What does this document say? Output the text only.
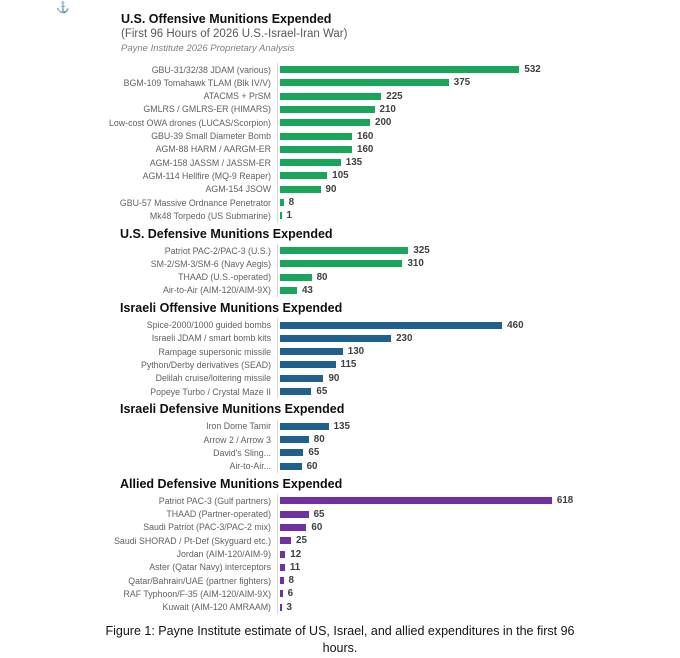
⚓
U.S. Offensive Munitions Expended
(First 96 Hours of 2026 U.S.-Israel-Iran War)
Payne Institute 2026 Proprietary Analysis
GBU-31/32/38 JDAM (various)	532
BGM-109 Tomahawk TLAM (Blk IV/V)	375
ATACMS + PrSM	225
GMLRS / GMLRS-ER (HIMARS)	210
Low-cost OWA drones (LUCAS/Scorpion)	200
GBU-39 Small Diameter Bomb	160
AGM-88 HARM / AARGM-ER	160
AGM-158 JASSM / JASSM-ER	135
AGM-114 Hellfire (MQ-9 Reaper)	105
AGM-154 JSOW	90
GBU-57 Massive Ordnance Penetrator	8
Mk48 Torpedo (US Submarine)	1
U.S. Defensive Munitions Expended
Patriot PAC-2/PAC-3 (U.S.)	325
SM-2/SM-3/SM-6 (Navy Aegis)	310
THAAD (U.S.-operated)	80
Air-to-Air (AIM-120/AIM-9X)	43
Israeli Offensive Munitions Expended
Spice-2000/1000 guided bombs	460
Israeli JDAM / smart bomb kits	230
Rampage supersonic missile	130
Python/Derby derivatives (SEAD)	115
Delilah cruise/loitering missile	90
Popeye Turbo / Crystal Maze II	65
Israeli Defensive Munitions Expended
Iron Dome Tamir	135
Arrow 2 / Arrow 3	80
David's Sling...	65
Air-to-Air...	60
Allied Defensive Munitions Expended
Patriot PAC-3 (Gulf partners)	618
THAAD (Partner-operated)	65
Saudi Patriot (PAC-3/PAC-2 mix)	60
Saudi SHORAD / Pt-Def (Skyguard etc.)	25
Jordan (AIM-120/AIM-9)	12
Aster (Qatar Navy) interceptors	11
Qatar/Bahrain/UAE (partner fighters)	8
RAF Typhoon/F-35 (AIM-120/AIM-9X)	6
Kuwait (AIM-120 AMRAAM)	3
Figure 1: Payne Institute estimate of US, Israel, and allied expenditures in the first 96 hours.
